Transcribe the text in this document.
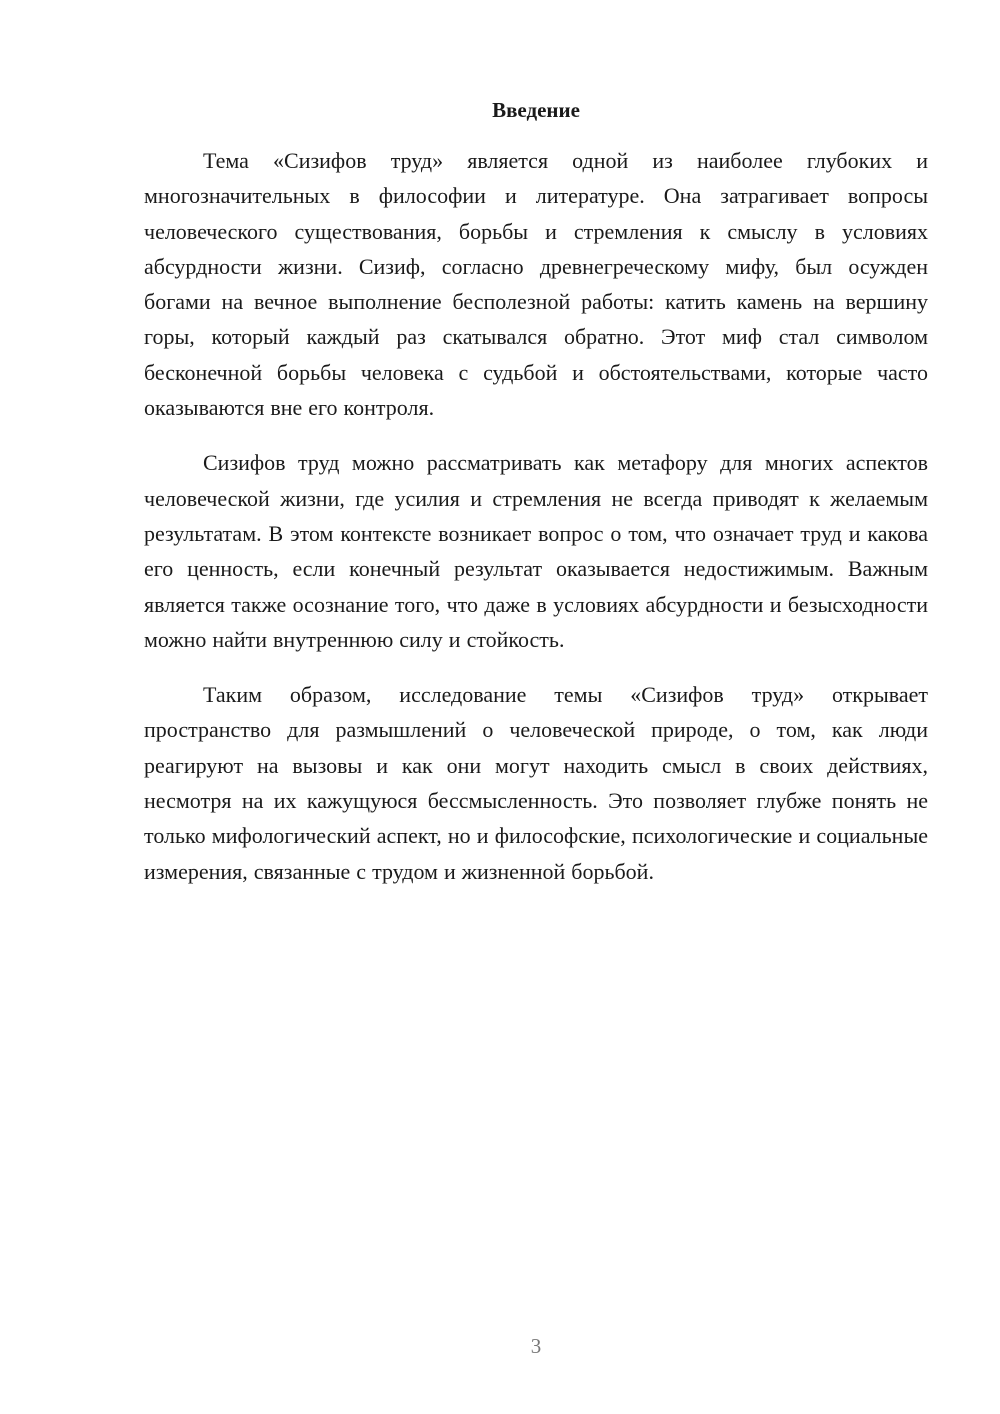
Введение

Тема «Сизифов труд» является одной из наиболее глубоких и многозначительных в философии и литературе. Она затрагивает вопросы человеческого существования, борьбы и стремления к смыслу в условиях абсурдности жизни. Сизиф, согласно древнегреческому мифу, был осужден богами на вечное выполнение бесполезной работы: катить камень на вершину горы, который каждый раз скатывался обратно. Этот миф стал символом бесконечной борьбы человека с судьбой и обстоятельствами, которые часто оказываются вне его контроля.

Сизифов труд можно рассматривать как метафору для многих аспектов человеческой жизни, где усилия и стремления не всегда приводят к желаемым результатам. В этом контексте возникает вопрос о том, что означает труд и какова его ценность, если конечный результат оказывается недостижимым. Важным является также осознание того, что даже в условиях абсурдности и безысходности можно найти внутреннюю силу и стойкость.

Таким образом, исследование темы «Сизифов труд» открывает пространство для размышлений о человеческой природе, о том, как люди реагируют на вызовы и как они могут находить смысл в своих действиях, несмотря на их кажущуюся бессмысленность. Это позволяет глубже понять не только мифологический аспект, но и философские, психологические и социальные измерения, связанные с трудом и жизненной борьбой.

3
